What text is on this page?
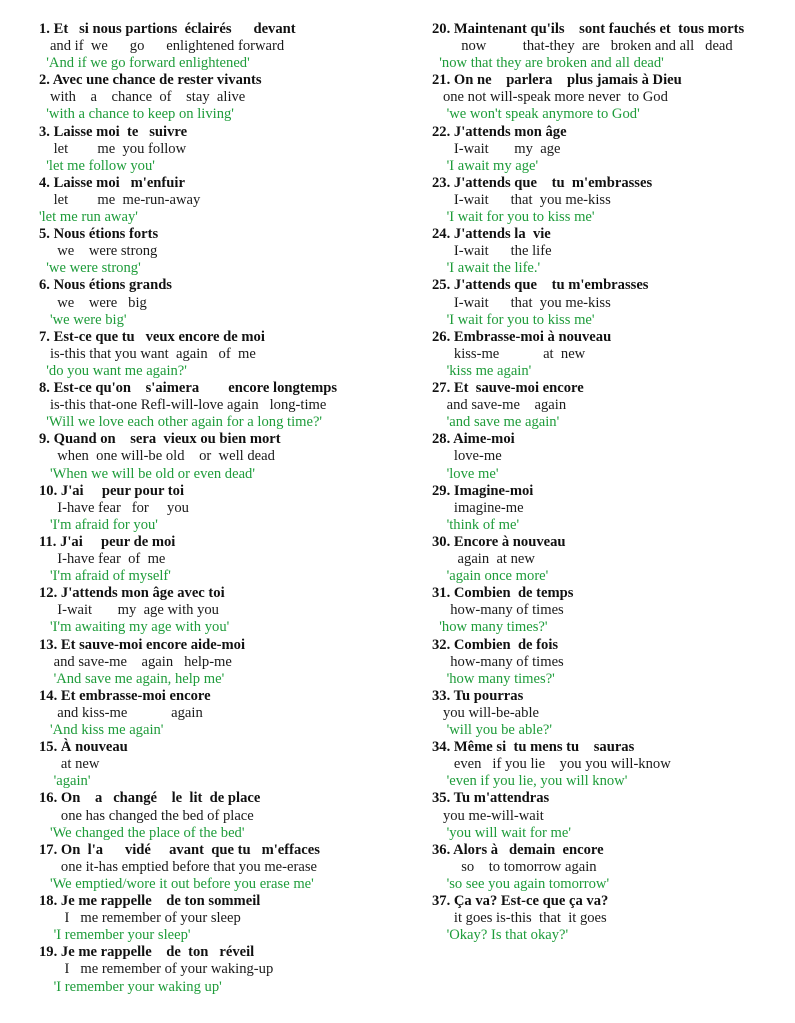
1. Et   si nous partions  éclairés      devant
and if  we      go      enlightened forward
'And if we go forward enlightened'
2. Avec une chance de rester vivants
with    a    chance  of    stay  alive
'with a chance to keep on living'
3. Laisse moi  te   suivre
let        me  you follow
'let me follow you'
4. Laisse moi   m'enfuir
let        me  me-run-away
'let me run away'
5. Nous étions forts
we    were strong
'we were strong'
6. Nous étions grands
we    were   big
'we were big'
7. Est-ce que tu   veux encore de moi
is-this that you want  again   of  me
'do you want me again?'
8. Est-ce qu'on    s'aimera        encore longtemps
is-this that-one Refl-will-love again   long-time
'Will we love each other again for a long time?'
9. Quand on    sera  vieux ou bien mort
when  one will-be old    or  well dead
'When we will be old or even dead'
10. J'ai     peur pour toi
I-have fear   for     you
'I'm afraid for you'
11. J'ai     peur de moi
I-have fear  of  me
'I'm afraid of myself'
12. J'attends mon âge avec toi
I-wait       my  age with you
'I'm awaiting my age with you'
13. Et sauve-moi encore aide-moi
and save-me    again   help-me
'And save me again, help me'
14. Et embrasse-moi encore
and kiss-me            again
'And kiss me again'
15. À nouveau
at new
'again'
16. On    a   changé    le  lit  de place
one has changed the bed of place
'We changed the place of the bed'
17. On  l'a      vidé     avant  que tu   m'effaces
one it-has emptied before that you me-erase
'We emptied/wore it out before you erase me'
18. Je me rappelle    de ton sommeil
I   me remember of your sleep
'I remember your sleep'
19. Je me rappelle    de  ton   réveil
I   me remember of your waking-up
'I remember your waking up'
20. Maintenant qu'ils    sont fauchés et  tous morts
now          that-they  are   broken and all   dead
'now that they are broken and all dead'
21. On ne    parlera    plus jamais à Dieu
one not will-speak more never  to God
'we won't speak anymore to God'
22. J'attends mon âge
I-wait       my  age
'I await my age'
23. J'attends que    tu  m'embrasses
I-wait      that  you me-kiss
'I wait for you to kiss me'
24. J'attends la  vie
I-wait      the life
'I await the life.'
25. J'attends que    tu m'embrasses
I-wait      that  you me-kiss
'I wait for you to kiss me'
26. Embrasse-moi à nouveau
kiss-me            at  new
'kiss me again'
27. Et  sauve-moi encore
and save-me    again
'and save me again'
28. Aime-moi
love-me
'love me'
29. Imagine-moi
imagine-me
'think of me'
30. Encore à nouveau
again  at new
'again once more'
31. Combien  de temps
how-many of times
'how many times?'
32. Combien  de fois
how-many of times
'how many times?'
33. Tu pourras
you will-be-able
'will you be able?'
34. Même si  tu mens tu    sauras
even   if you lie    you you will-know
'even if you lie, you will know'
35. Tu m'attendras
you me-will-wait
'you will wait for me'
36. Alors à   demain  encore
so    to tomorrow again
'so see you again tomorrow'
37. Ça va? Est-ce que ça va?
it goes is-this  that  it goes
'Okay? Is that okay?'
